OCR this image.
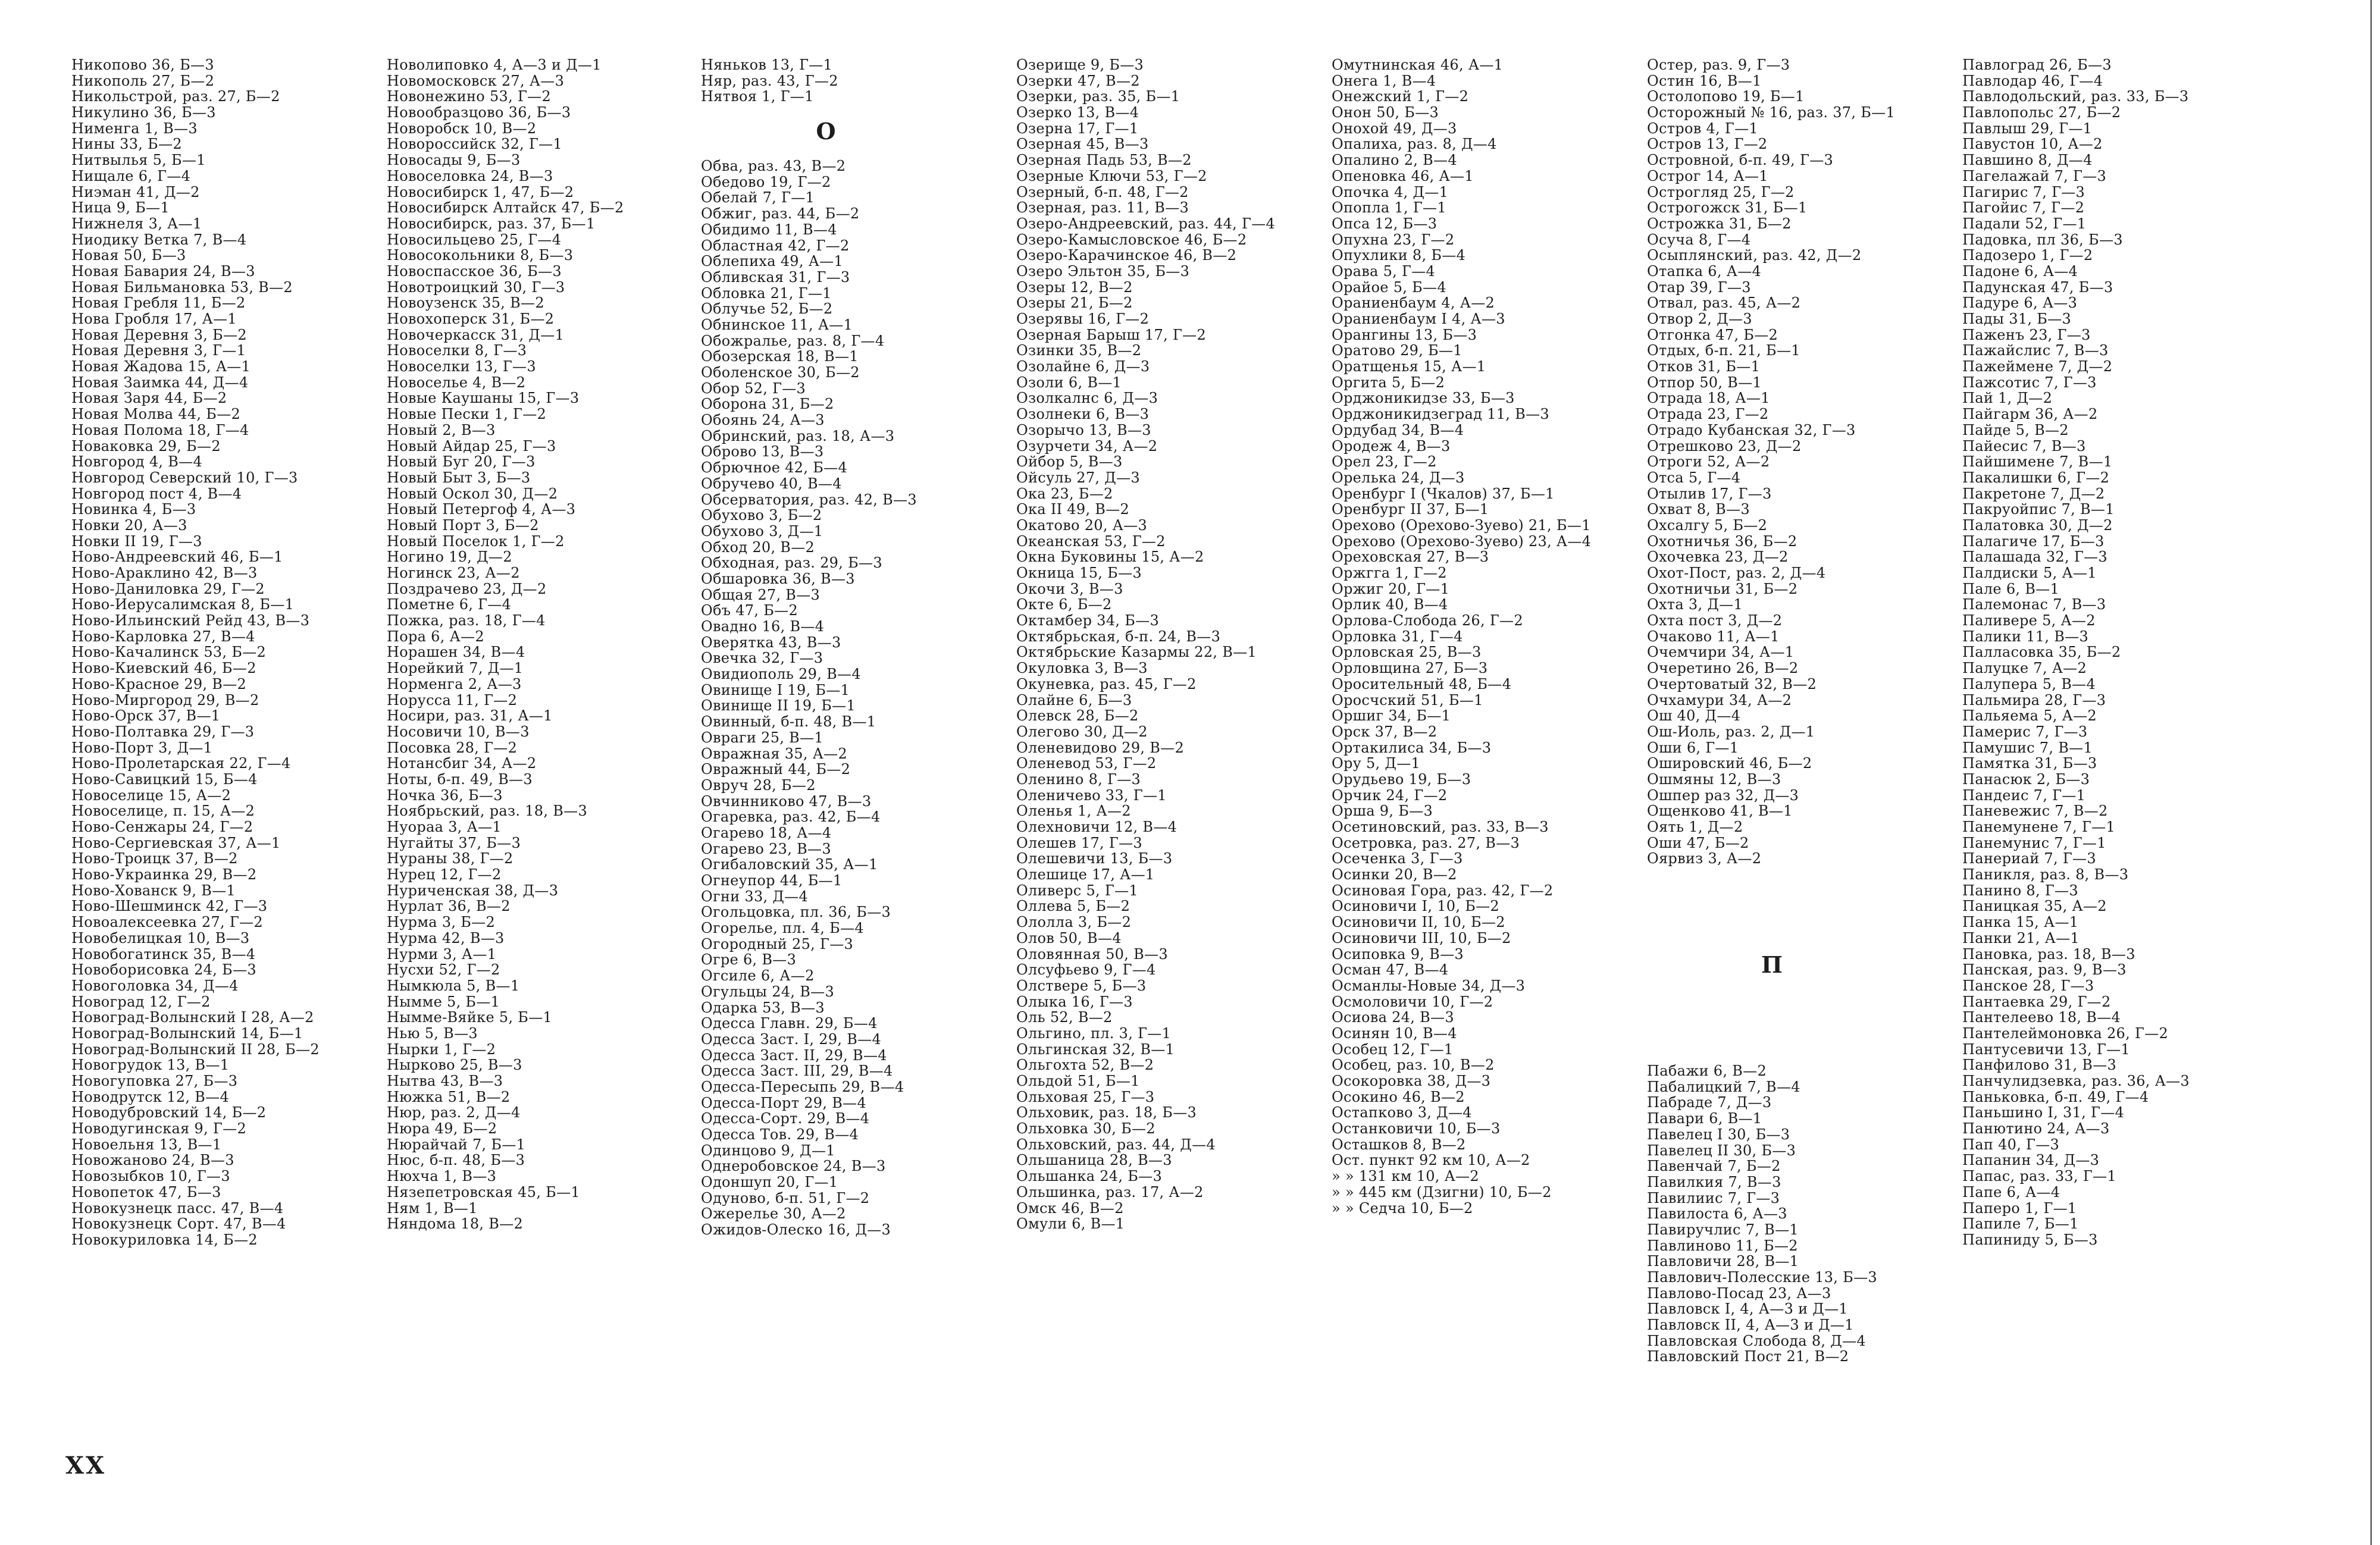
Никопово 36, Б—3
Никополь 27, Б—2
Никольстрой, раз. 27, Б—2
Никулино 36, Б—3
Нименга 1, В—3
Нины 33, Б—2
Нитвылья 5, Б—1
Нищале 6, Г—4
Ниэман 41, Д—2
Ница 9, Б—1
Нижнеля 3, А—1
Ниодику Ветка 7, В—4
Новая 50, Б—3
Новая Бавария 24, В—3
Новая Бильмановка 53, В—2
Новая Гребля 11, Б—2
Нова Гробля 17, А—1
Новая Деревня 3, Б—2
Новая Деревня 3, Г—1
Новая Жадова 15, А—1
Новая Заимка 44, Д—4
Новая Заря 44, Б—2
Новая Молва 44, Б—2
Новая Полома 18, Г—4
Новаковка 29, Б—2
Новгород 4, В—4
Новгород Северский 10, Г—3
Новгород пост 4, В—4
Новинка 4, Б—3
Новки 20, А—3
Новки II 19, Г—3
Ново-Андреевский 46, Б—1
Ново-Араклино 42, В—3
Ново-Даниловка 29, Г—2
Ново-Иерусалимская 8, Б—1
Ново-Ильинский Рейд 43, В—3
Ново-Карловка 27, В—4
Ново-Качалинск 53, Б—2
Ново-Киевский 46, Б—2
Ново-Красное 29, В—2
Ново-Миргород 29, В—2
Ново-Орск 37, В—1
Ново-Полтавка 29, Г—3
Ново-Порт 3, Д—1
Ново-Пролетарская 22, Г—4
Ново-Савицкий 15, Б—4
Новоселице 15, А—2
Новоселице, п. 15, А—2
Ново-Сенжары 24, Г—2
Ново-Сергиевская 37, А—1
Ново-Троицк 37, В—2
Ново-Украинка 29, В—2
Ново-Хованск 9, В—1
Ново-Шешминск 42, Г—3
Новоалексеевка 27, Г—2
Новобелицкая 10, В—3
Новобогатинск 35, В—4
Новоборисовка 24, Б—3
Новоголовка 34, Д—4
Новоград 12, Г—2
Новоград-Волынский I 28, А—2
Новоград-Волынский 14, Б—1
Новоград-Волынский II 28, Б—2
Новогрудок 13, В—1
Новогуповка 27, Б—3
Новодрутск 12, В—4
Новодубровский 14, Б—2
Новодугинская 9, Г—2
Новоельня 13, В—1
Новожаново 24, В—3
Новозыбков 10, Г—3
Новопеток 47, Б—3
Новокузнецк пасс. 47, В—4
Новокузнецк Сорт. 47, В—4
Новокуриловка 14, Б—2
Новолиповко 4, А—3 и Д—1
Новомосковск 27, А—3
Новонежино 53, Г—2
Новообразцово 36, Б—3
Новоробск 10, В—2
Новороссийск 32, Г—1
Новосады 9, Б—3
Новоселовка 24, В—3
Новосибирск 1, 47, Б—2
Новосибирск Алтайск 47, Б—2
Новосибирск, раз. 37, Б—1
Новосильцево 25, Г—4
Новосокольники 8, Б—3
Новоспасское 36, Б—3
Новотроицкий 30, Г—3
Новоузенск 35, В—2
Новохоперск 31, Б—2
Новочеркасск 31, Д—1
Новоселки 8, Г—3
Новоселки 13, Г—3
Новоселье 4, В—2
Новые Каушаны 15, Г—3
Новые Пески 1, Г—2
Новый 2, В—3
Новый Айдар 25, Г—3
Новый Буг 20, Г—3
Новый Быт 3, Б—3
Новый Оскол 30, Д—2
Новый Петергоф 4, А—3
Новый Порт 3, Б—2
Новый Поселок 1, Г—2
Ногино 19, Д—2
Ногинск 23, А—2
Поздрачево 23, Д—2
Пометне 6, Г—4
Пожка, раз. 18, Г—4
Пора 6, А—2
Норашен 34, В—4
Норейкий 7, Д—1
Норменга 2, А—3
Норусса 11, Г—2
Носири, раз. 31, А—1
Носовичи 10, В—3
Посовка 28, Г—2
Нотансбиг 34, А—2
Ноты, б-п. 49, В—3
Ночка 36, Б—3
Ноябрьский, раз. 18, В—3
Нуораа 3, А—1
Нугайты 37, Б—3
Нураны 38, Г—2
Нурец 12, Г—2
Нуриченская 38, Д—3
Нурлат 36, В—2
Нурма 3, Б—2
Нурма 42, В—3
Нурми 3, А—1
Нусхи 52, Г—2
Нымкюла 5, В—1
Нымме 5, Б—1
Нымме-Вяйке 5, Б—1
Нью 5, В—3
Нырки 1, Г—2
Нырково 25, В—3
Нытва 43, В—3
Нюжка 51, В—2
Нюр, раз. 2, Д—4
Нюра 49, Б—2
Нюрайчай 7, Б—1
Нюс, б-п. 48, Б—3
Нюхча 1, В—3
Нязепетровская 45, Б—1
Ням 1, В—1
Няндома 18, В—2
Няньков 13, Г—1
Няр, раз. 43, Г—2
Нятвоя 1, Г—1
О
Обва, раз. 43, В—2
Обедово 19, Г—2
Обелай 7, Г—1
Обжиг, раз. 44, Б—2
Обидимо 11, В—4
Областная 42, Г—2
Облепиха 49, А—1
Обливская 31, Г—3
Обловка 21, Г—1
Облучье 52, Б—2
Обнинское 11, А—1
Обожралье, раз. 8, Г—4
Обозерская 18, В—1
Оболенское 30, Б—2
Обор 52, Г—3
Оборона 31, Б—2
Обоянь 24, А—3
Обринский, раз. 18, А—3
Оброво 13, В—3
Обрючное 42, Б—4
Обручево 40, В—4
Обсерватория, раз. 42, В—3
Обухово 3, Б—2
Обухово 3, Д—1
Обход 20, В—2
Обходная, раз. 29, Б—3
Обшаровка 36, В—3
Общая 27, В—3
Объ 47, Б—2
Овадно 16, В—4
Оверятка 43, В—3
Овечка 32, Г—3
Овидиополь 29, В—4
Овинище I 19, Б—1
Овинище II 19, Б—1
Овинный, б-п. 48, В—1
Овраги 25, В—1
Овражная 35, А—2
Овражный 44, Б—2
Овруч 28, Б—2
Овчинниково 47, В—3
Огаревка, раз. 42, Б—4
Огарево 18, А—4
Огарево 23, В—3
Огибаловский 35, А—1
Огнеупор 44, Б—1
Огни 33, Д—4
Огольцовка, пл. 36, Б—3
Огорелье, пл. 4, Б—4
Огородный 25, Г—3
Огре 6, В—3
Огсиле 6, А—2
Огульцы 24, В—3
Одарка 53, В—3
Одесса Главн. 29, Б—4
Одесса Заст. I, 29, В—4
Одесса Заст. II, 29, В—4
Одесса Заст. III, 29, В—4
Одесса-Пересыпь 29, В—4
Одесса-Порт 29, В—4
Одесса-Сорт. 29, В—4
Одесса Тов. 29, В—4
Одинцово 9, Д—1
Однеробовское 24, В—3
Одоншуп 20, Г—1
Одуново, б-п. 51, Г—2
Ожерелье 30, А—2
Ожидов-Олеско 16, Д—3
Озерище 9, Б—3
Озерки 47, В—2
Озерки, раз. 35, Б—1
Озерко 13, В—4
Озерна 17, Г—1
Озерная 45, В—3
Озерная Падь 53, В—2
Озерные Ключи 53, Г—2
Озерный, б-п. 48, Г—2
Озерная, раз. 11, В—3
Озеро-Андреевский, раз. 44, Г—4
Озеро-Камысловское 46, Б—2
Озеро-Карачинское 46, В—2
Озеро Эльтон 35, Б—3
Озеры 12, В—2
Озеры 21, Б—2
Озерявы 16, Г—2
Озерная Барыш 17, Г—2
Озинки 35, В—2
Озолайне 6, Д—3
Озоли 6, В—1
Озолкалнс 6, Д—3
Озолнеки 6, В—3
Озорычо 13, В—3
Озурчети 34, А—2
Ойбор 5, В—3
Ойсуль 27, Д—3
Ока 23, Б—2
Ока II 49, В—2
Окатово 20, А—3
Океанская 53, Г—2
Окна Буковины 15, А—2
Окница 15, Б—3
Окочи 3, В—3
Окте 6, Б—2
Октамбер 34, Б—3
Октябрьская, б-п. 24, В—3
Октябрьские Казармы 22, В—1
Окуловка 3, В—3
Окуневка, раз. 45, Г—2
Олайне 6, Б—3
Олевск 28, Б—2
Олегово 30, Д—2
Оленевидово 29, В—2
Оленевод 53, Г—2
Оленино 8, Г—3
Оленичево 33, Г—1
Оленья 1, А—2
Олехновичи 12, В—4
Олешев 17, Г—3
Олешевичи 13, Б—3
Олешице 17, А—1
Оливерс 5, Г—1
Оллева 5, Б—2
Ололла 3, Б—2
Олов 50, В—4
Оловянная 50, В—3
Олсуфьево 9, Г—4
Олствере 5, Б—3
Олыка 16, Г—3
Оль 52, В—2
Ольгино, пл. 3, Г—1
Ольгинская 32, В—1
Ольгохта 52, В—2
Ольдой 51, Б—1
Ольховая 25, Г—3
Ольховик, раз. 18, Б—3
Ольховка 30, Б—2
Ольховский, раз. 44, Д—4
Ольшаница 28, В—3
Ольшанка 24, Б—3
Ольшинка, раз. 17, А—2
Омск 46, В—2
Омули 6, В—1
Омутнинская 46, А—1
Онега 1, В—4
Онежский 1, Г—2
Онон 50, Б—3
Онохой 49, Д—3
Опалиха, раз. 8, Д—4
Опалино 2, В—4
Опеновка 46, А—1
Опочка 4, Д—1
Опопла 1, Г—1
Опса 12, Б—3
Опухна 23, Г—2
Опухлики 8, Б—4
Орава 5, Г—4
Орайое 5, Б—4
Ораниенбаум 4, А—2
Ораниенбаум I 4, А—3
Орангины 13, Б—3
Оратово 29, Б—1
Оратщенья 15, А—1
Оргита 5, Б—2
Орджоникидзе 33, Б—3
Орджоникидзеград 11, В—3
Ордубад 34, В—4
Ородеж 4, В—3
Орел 23, Г—2
Орелька 24, Д—3
Оренбург I (Чкалов) 37, Б—1
Оренбург II 37, Б—1
Орехово (Орехово-Зуево) 21, Б—1
Орехово (Орехово-Зуево) 23, А—4
Ореховская 27, В—3
Оржгга 1, Г—2
Оржиг 20, Г—1
Орлик 40, В—4
Орлова-Слобода 26, Г—2
Орловка 31, Г—4
Орловская 25, В—3
Орловщина 27, Б—3
Оросительный 48, Б—4
Оросчский 51, Б—1
Оршиг 34, Б—1
Орск 37, В—2
Ортакилиса 34, Б—3
Ору 5, Д—1
Орудьево 19, Б—3
Орчик 24, Г—2
Орша 9, Б—3
Осетиновский, раз. 33, В—3
Осетровка, раз. 27, В—3
Осеченка 3, Г—3
Осинки 20, В—2
Осиновая Гора, раз. 42, Г—2
Осиновичи I, 10, Б—2
Осиновичи II, 10, Б—2
Осиновичи III, 10, Б—2
Осиповка 9, В—3
Осман 47, В—4
Османлы-Новые 34, Д—3
Осмоловичи 10, Г—2
Осиова 24, В—3
Осинян 10, В—4
Особец 12, Г—1
Особец, раз. 10, В—2
Осокоровка 38, Д—3
Осокино 46, В—2
Остапково 3, Д—4
Останковичи 10, Б—3
Осташков 8, В—2
Ост. пункт 92 км 10, А—2
» » 131 км 10, А—2
» » 445 км (Дзигни) 10, Б—2
» » Седча 10, Б—2
Остер, раз. 9, Г—3
Остин 16, В—1
Остолопово 19, Б—1
Осторожный № 16, раз. 37, Б—1
Остров 4, Г—1
Остров 13, Г—2
Островной, б-п. 49, Г—3
Острог 14, А—1
Острогляд 25, Г—2
Острогожск 31, Б—1
Острожка 31, Б—2
Осуча 8, Г—4
Осыплянский, раз. 42, Д—2
Отапка 6, А—4
Отар 39, Г—3
Отвал, раз. 45, А—2
Отвор 2, Д—3
Отгонка 47, Б—2
Отдых, б-п. 21, Б—1
Отков 31, Б—1
Отпор 50, В—1
Отрада 18, А—1
Отрада 23, Г—2
Отрадо Кубанская 32, Г—3
Отрешково 23, Д—2
Отроги 52, А—2
Отса 5, Г—4
Отылив 17, Г—3
Охват 8, В—3
Охсалгу 5, Б—2
Охотничья 36, Б—2
Охочевка 23, Д—2
Охот-Пост, раз. 2, Д—4
Охотничьи 31, Б—2
Охта 3, Д—1
Охта пост 3, Д—2
Очаково 11, А—1
Очемчири 34, А—1
Очеретино 26, В—2
Очертоватый 32, В—2
Очхамури 34, А—2
Ош 40, Д—4
Ош-Иоль, раз. 2, Д—1
Оши 6, Г—1
Ошировский 46, Б—2
Ошмяны 12, В—3
Ошпер раз 32, Д—3
Ощенково 41, В—1
Оять 1, Д—2
Оши 47, Б—2
Оярвиз 3, А—2
П
Пабажи 6, В—2
Пабалицкий 7, В—4
Пабраде 7, Д—3
Павари 6, В—1
Павелец I 30, Б—3
Павелец II 30, Б—3
Павенчай 7, Б—2
Павилкия 7, В—3
Павилиис 7, Г—3
Павилоста 6, А—3
Павиручлис 7, В—1
Павлиново 11, Б—2
Павловичи 28, В—1
Павлович-Полесские 13, Б—3
Павлово-Посад 23, А—3
Павловск I, 4, А—3 и Д—1
Павловск II, 4, А—3 и Д—1
Павловская Слобода 8, Д—4
Павловский Пост 21, В—2
Павлоград 26, Б—3
Павлодар 46, Г—4
Павлодольский, раз. 33, Б—3
Павлопольс 27, Б—2
Павлыш 29, Г—1
Павустон 10, А—2
Павшино 8, Д—4
Пагелажай 7, Г—3
Пагирис 7, Г—3
Пагойис 7, Г—2
Падали 52, Г—1
Падовка, пл 36, Б—3
Падозеро 1, Г—2
Падоне 6, А—4
Падунская 47, Б—3
Падуре 6, А—3
Пады 31, Б—3
Паженъ 23, Г—3
Пажайслис 7, В—3
Пажеймене 7, Д—2
Пажсотис 7, Г—3
Пай 1, Д—2
Пайгарм 36, А—2
Пайде 5, В—2
Пайесис 7, В—3
Пайшимене 7, В—1
Пакалишки 6, Г—2
Пакретоне 7, Д—2
Пакруойпис 7, В—1
Палатовка 30, Д—2
Палагиче 17, Б—3
Палашада 32, Г—3
Палдиски 5, А—1
Пале 6, В—1
Палемонас 7, В—3
Паливере 5, А—2
Палики 11, В—3
Палласовка 35, Б—2
Палуцке 7, А—2
Палупера 5, В—4
Пальмира 28, Г—3
Пальяема 5, А—2
Памерис 7, Г—3
Памушис 7, В—1
Памятка 31, Б—3
Панасюк 2, Б—3
Пандеис 7, Г—1
Паневежис 7, В—2
Панемунене 7, Г—1
Панемунис 7, Г—1
Панериай 7, Г—3
Паникля, раз. 8, В—3
Панино 8, Г—3
Паницкая 35, А—2
Панка 15, А—1
Панки 21, А—1
Пановка, раз. 18, В—3
Панская, раз. 9, В—3
Панское 28, Г—3
Пантаевка 29, Г—2
Пантелеево 18, В—4
Пантелеймоновка 26, Г—2
Пантусевичи 13, Г—1
Панфилово 31, В—3
Панчулидзевка, раз. 36, А—3
Паньковка, б-п. 49, Г—4
Паньшино I, 31, Г—4
Панютино 24, А—3
Пап 40, Г—3
Папанин 34, Д—3
Папас, раз. 33, Г—1
Папе 6, А—4
Паперо 1, Г—1
Папиле 7, Б—1
Папиниду 5, Б—3
XX
